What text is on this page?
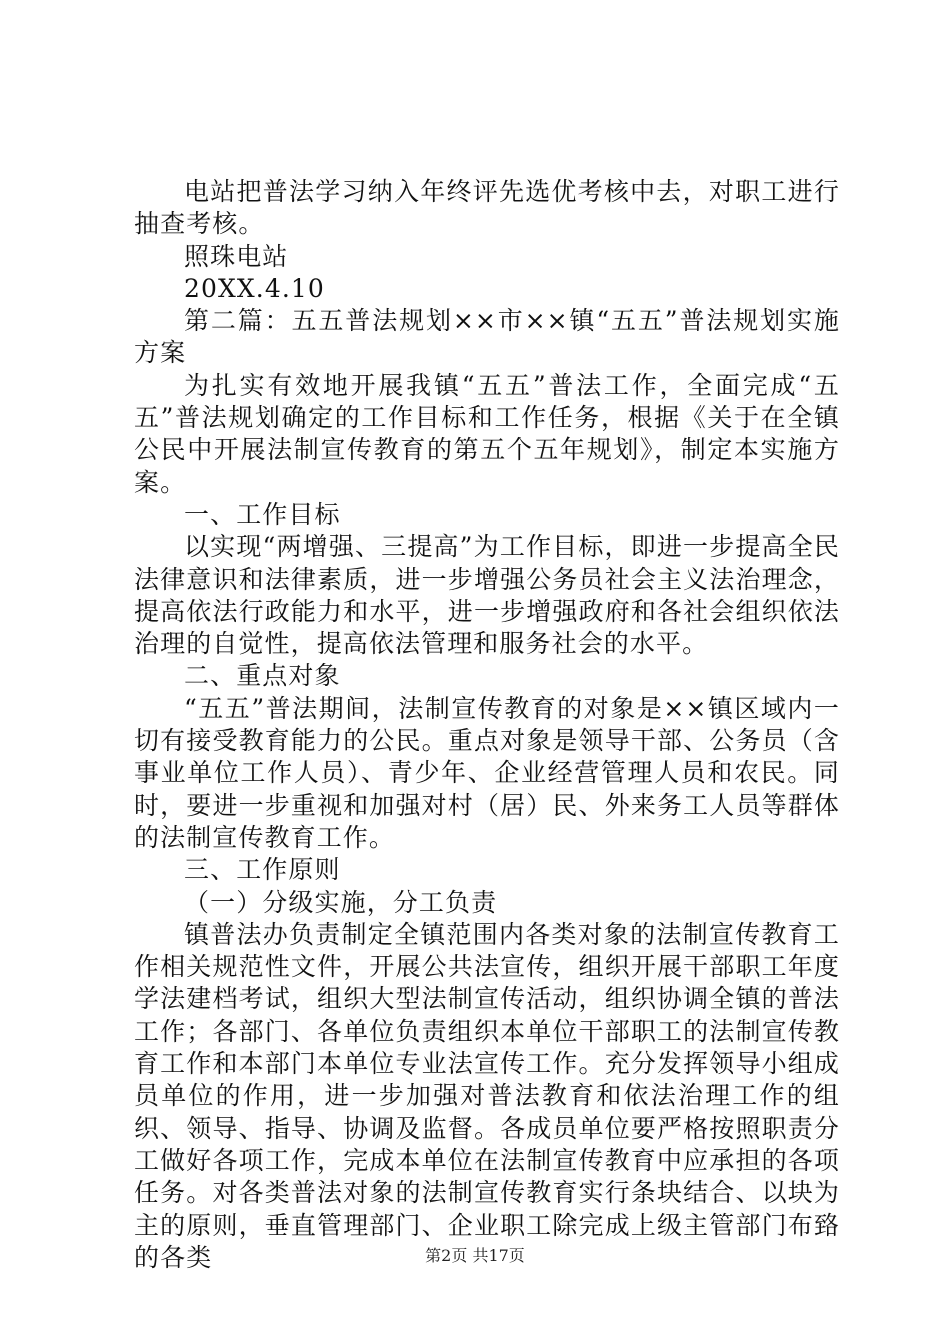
电站把普法学习纳入年终评先选优考核中去，对职工进行抽查考核。

照珠电站

20XX.4.10

第二篇：五五普法规划××市××镇“五五”普法规划实施方案

为扎实有效地开展我镇“五五”普法工作，全面完成“五五”普法规划确定的工作目标和工作任务，根据《关于在全镇公民中开展法制宣传教育的第五个五年规划》，制定本实施方案。

一、工作目标

以实现“两增强、三提高”为工作目标，即进一步提高全民法律意识和法律素质，进一步增强公务员社会主义法治理念，提高依法行政能力和水平，进一步增强政府和各社会组织依法治理的自觉性，提高依法管理和服务社会的水平。

二、重点对象

“五五”普法期间，法制宣传教育的对象是××镇区域内一切有接受教育能力的公民。重点对象是领导干部、公务员（含事业单位工作人员）、青少年、企业经营管理人员和农民。同时，要进一步重视和加强对村（居）民、外来务工人员等群体的法制宣传教育工作。

三、工作原则

（一）分级实施，分工负责

镇普法办负责制定全镇范围内各类对象的法制宣传教育工作相关规范性文件，开展公共法宣传，组织开展干部职工年度学法建档考试，组织大型法制宣传活动，组织协调全镇的普法工作；各部门、各单位负责组织本单位干部职工的法制宣传教育工作和本部门本单位专业法宣传工作。充分发挥领导小组成员单位的作用，进一步加强对普法教育和依法治理工作的组织、领导、指导、协调及监督。各成员单位要严格按照职责分工做好各项工作，完成本单位在法制宣传教育中应承担的各项任务。对各类普法对象的法制宣传教育实行条块结合、以块为主的原则，垂直管理部门、企业职工除完成上级主管部门布臵的各类	第2页 共17页
